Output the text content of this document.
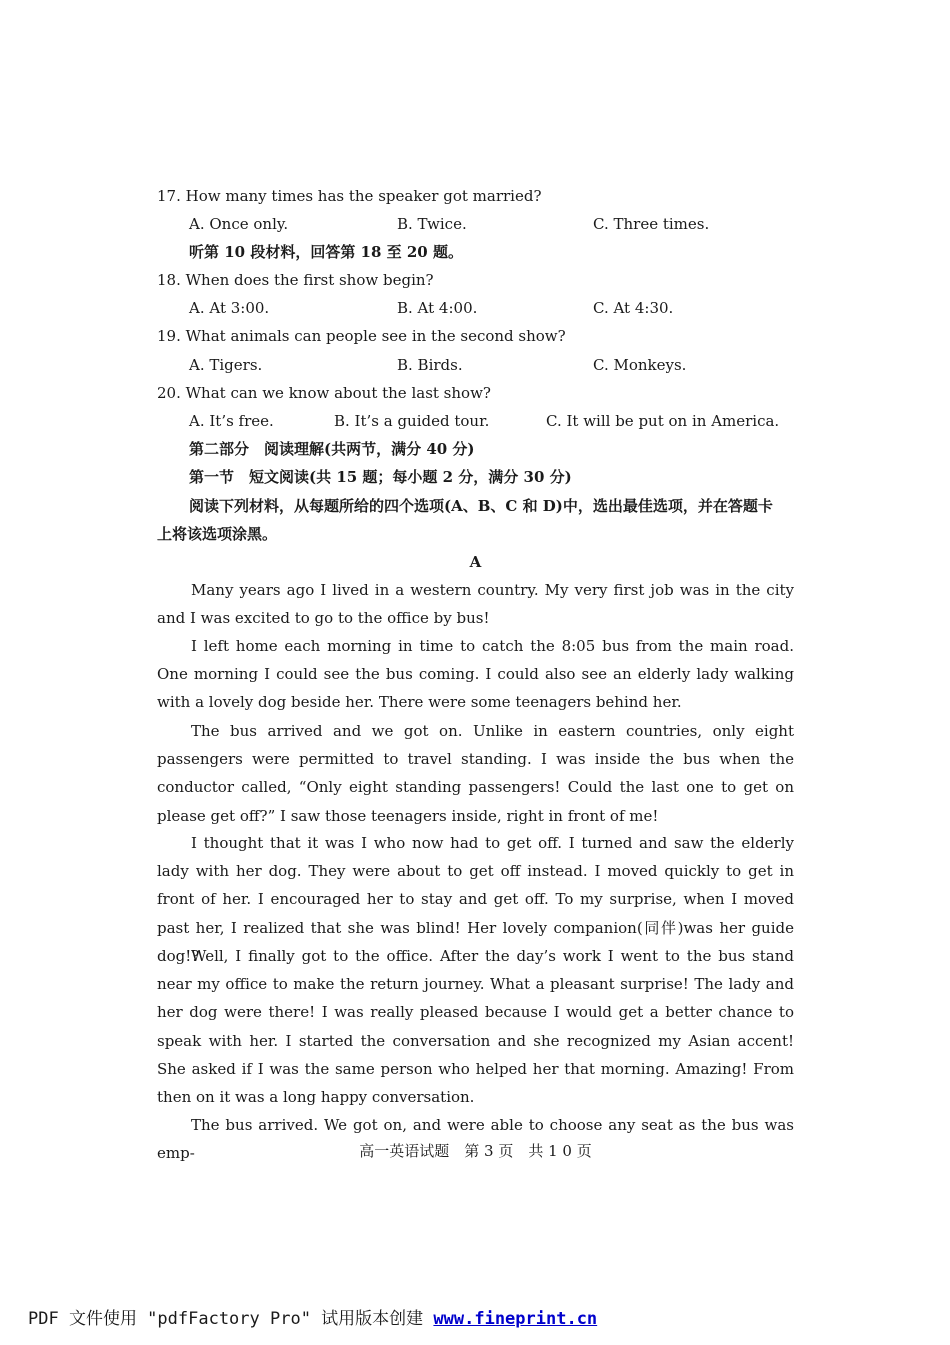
17. How many times has the speaker got married?
A. Once only.	B. Twice.	C. Three times.
听第 10 段材料，回答第 18 至 20 题。
18. When does the first show begin?
A. At 3:00.	B. At 4:00.	C. At 4:30.
19. What animals can people see in the second show?
A. Tigers.	B. Birds.	C. Monkeys.
20. What can we know about the last show?
A. It’s free.	B. It’s a guided tour.	C. It will be put on in America.
第二部分　阅读理解(共两节，满分 40 分)
第一节　短文阅读(共 15 题；每小题 2 分，满分 30 分)
阅读下列材料，从每题所给的四个选项(A、B、C 和 D)中，选出最佳选项，并在答题卡
上将该选项涂黑。
A

Many years ago I lived in a western country. My very first job was in the city and I was excited to go to the office by bus!

I left home each morning in time to catch the 8:05 bus from the main road. One morning I could see the bus coming. I could also see an elderly lady walking with a lovely dog beside her. There were some teenagers behind her.

The bus arrived and we got on. Unlike in eastern countries, only eight passengers were permitted to travel standing. I was inside the bus when the conductor called, “Only eight standing passengers! Could the last one to get on please get off?” I saw those teenagers inside, right in front of me!

I thought that it was I who now had to get off. I turned and saw the elderly lady with her dog. They were about to get off instead. I moved quickly to get in front of her. I encouraged her to stay and get off. To my surprise, when I moved past her, I realized that she was blind! Her lovely companion(同伴)was her guide dog!?

Well, I finally got to the office. After the day’s work I went to the bus stand near my office to make the return journey. What a pleasant surprise! The lady and her dog were there! I was really pleased because I would get a better chance to speak with her. I started the conversation and she recognized my Asian accent! She asked if I was the same person who helped her that morning. Amazing! From then on it was a long happy conversation.

The bus arrived. We got on, and were able to choose any seat as the bus was emp-	高一英语试题　第 3 页　共 1 0 页
PDF 文件使用 "pdfFactory Pro" 试用版本创建 www.fineprint.cn
